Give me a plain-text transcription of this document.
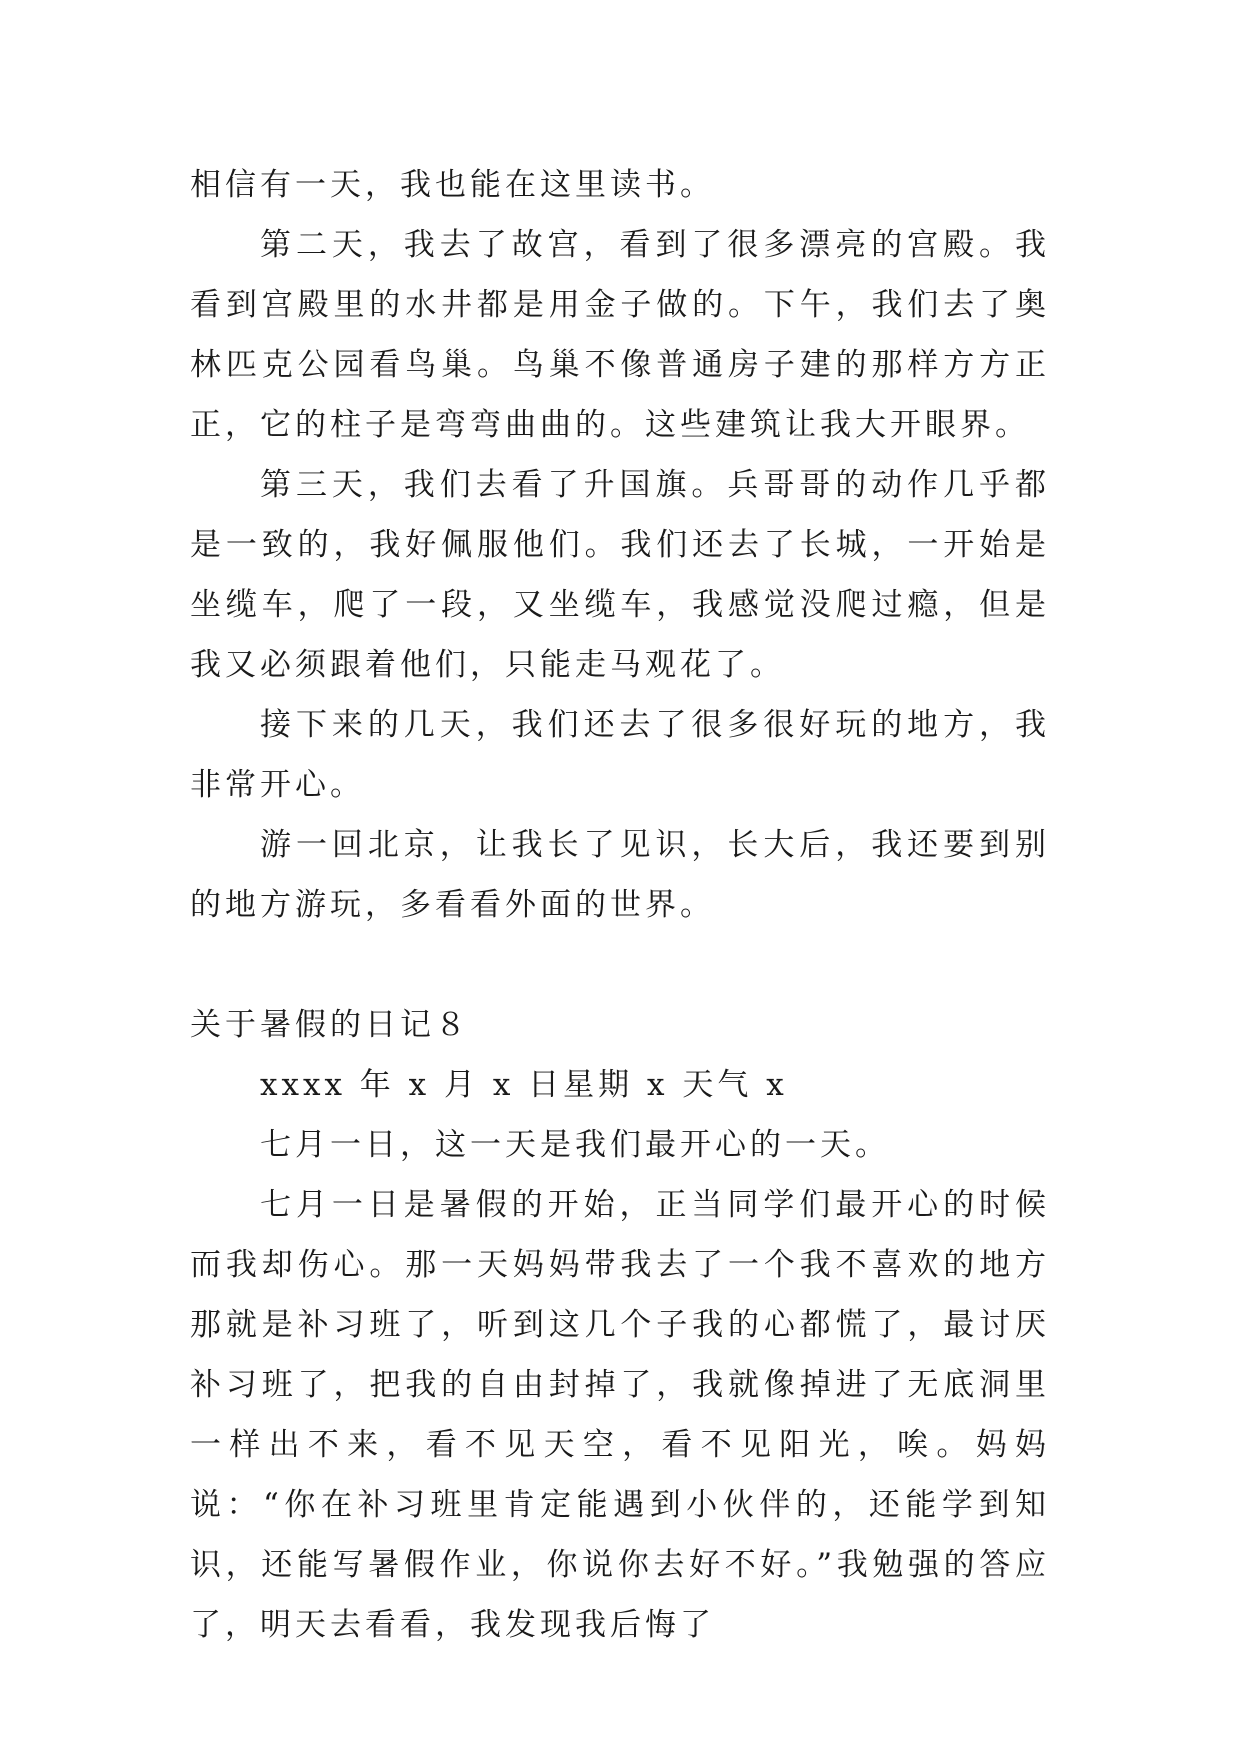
相信有一天，我也能在这里读书。

第二天，我去了故宫，看到了很多漂亮的宫殿。我看到宫殿里的水井都是用金子做的。下午，我们去了奥林匹克公园看鸟巢。鸟巢不像普通房子建的那样方方正正，它的柱子是弯弯曲曲的。这些建筑让我大开眼界。

第三天，我们去看了升国旗。兵哥哥的动作几乎都是一致的，我好佩服他们。我们还去了长城，一开始是坐缆车，爬了一段，又坐缆车，我感觉没爬过瘾，但是我又必须跟着他们，只能走马观花了。

接下来的几天，我们还去了很多很好玩的地方，我非常开心。

游一回北京，让我长了见识，长大后，我还要到别的地方游玩，多看看外面的世界。

关于暑假的日记８

xxxx 年 x 月 x 日星期 x 天气 x

七月一日，这一天是我们最开心的一天。

七月一日是暑假的开始，正当同学们最开心的时候而我却伤心。那一天妈妈带我去了一个我不喜欢的地方那就是补习班了，听到这几个子我的心都慌了，最讨厌补习班了，把我的自由封掉了，我就像掉进了无底洞里一样出不来，看不见天空，看不见阳光，唉。妈妈说：“你在补习班里肯定能遇到小伙伴的，还能学到知识，还能写暑假作业，你说你去好不好。”我勉强的答应了，明天去看看，我发现我后悔了
